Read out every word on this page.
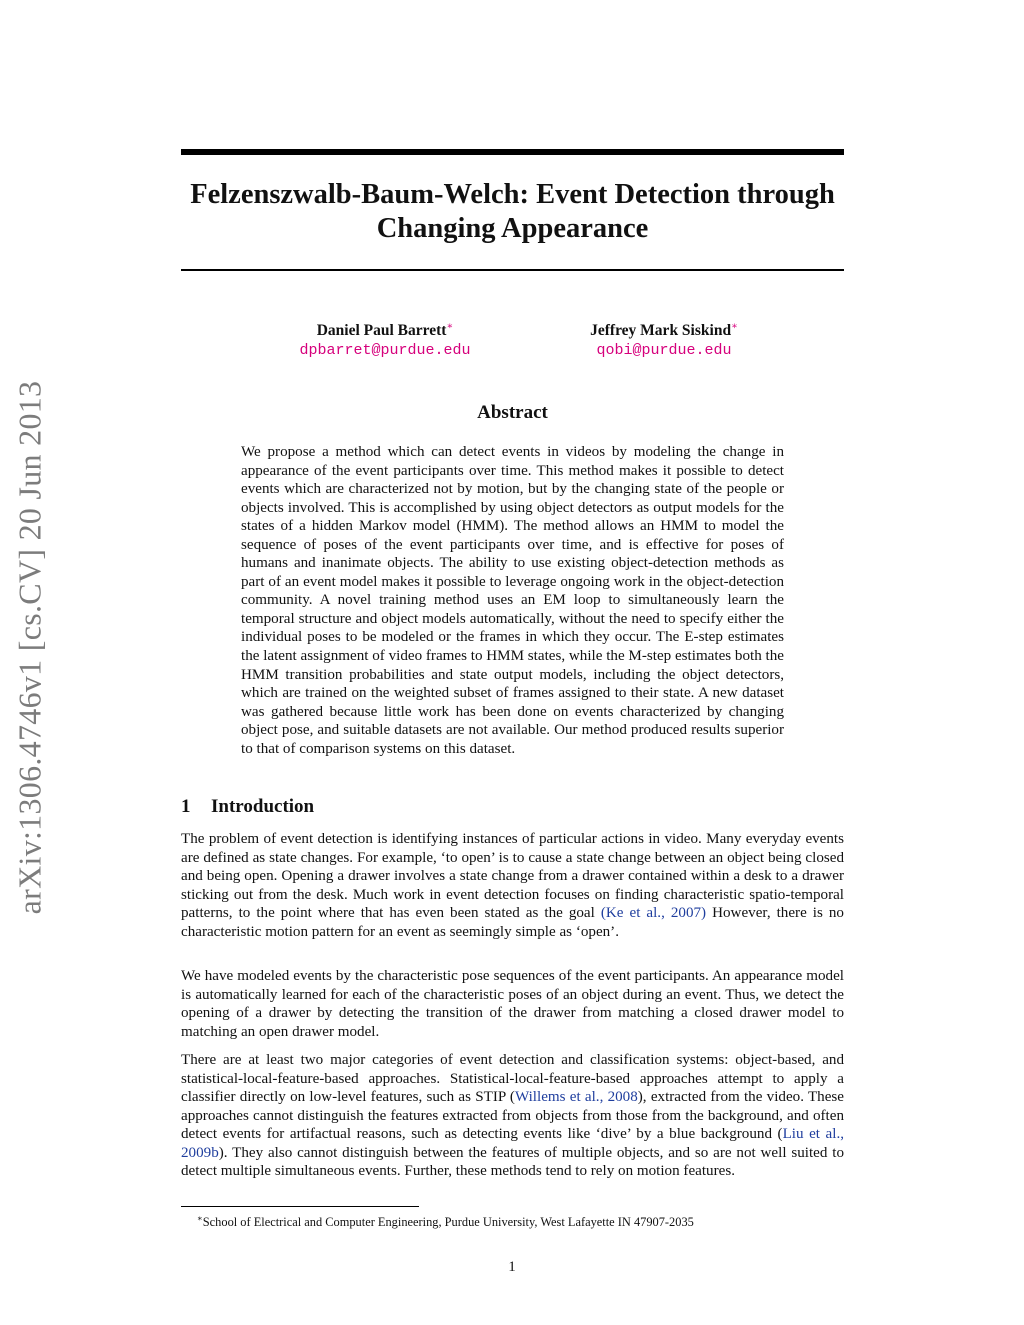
arXiv:1306.4746v1 [cs.CV] 20 Jun 2013
Felzenszwalb-Baum-Welch: Event Detection through Changing Appearance
Daniel Paul Barrett∗
dpbarret@purdue.edu
Jeffrey Mark Siskind∗
qobi@purdue.edu
Abstract
We propose a method which can detect events in videos by modeling the change in appearance of the event participants over time. This method makes it possible to detect events which are characterized not by motion, but by the changing state of the people or objects involved. This is accomplished by using object detectors as output models for the states of a hidden Markov model (HMM). The method allows an HMM to model the sequence of poses of the event participants over time, and is effective for poses of humans and inanimate objects. The ability to use existing object-detection methods as part of an event model makes it possible to leverage ongoing work in the object-detection community. A novel training method uses an EM loop to simultaneously learn the temporal structure and object models automatically, without the need to specify either the individual poses to be modeled or the frames in which they occur. The E-step estimates the latent assignment of video frames to HMM states, while the M-step estimates both the HMM transition probabilities and state output models, including the object detectors, which are trained on the weighted subset of frames assigned to their state. A new dataset was gathered because little work has been done on events characterized by changing object pose, and suitable datasets are not available. Our method produced results superior to that of comparison systems on this dataset.
1 Introduction

The problem of event detection is identifying instances of particular actions in video. Many everyday events are defined as state changes. For example, ‘to open’ is to cause a state change between an object being closed and being open. Opening a drawer involves a state change from a drawer contained within a desk to a drawer sticking out from the desk. Much work in event detection focuses on finding characteristic spatio-temporal patterns, to the point where that has even been stated as the goal (Ke et al., 2007) However, there is no characteristic motion pattern for an event as seemingly simple as ‘open’.

We have modeled events by the characteristic pose sequences of the event participants. An appearance model is automatically learned for each of the characteristic poses of an object during an event. Thus, we detect the opening of a drawer by detecting the transition of the drawer from matching a closed drawer model to matching an open drawer model.

There are at least two major categories of event detection and classification systems: object-based, and statistical-local-feature-based approaches. Statistical-local-feature-based approaches attempt to apply a classifier directly on low-level features, such as STIP (Willems et al., 2008), extracted from the video. These approaches cannot distinguish the features extracted from objects from those from the background, and often detect events for artifactual reasons, such as detecting events like ‘dive’ by a blue background (Liu et al., 2009b). They also cannot distinguish between the features of multiple objects, and so are not well suited to detect multiple simultaneous events. Further, these methods tend to rely on motion features.

∗School of Electrical and Computer Engineering, Purdue University, West Lafayette IN 47907-2035
1
